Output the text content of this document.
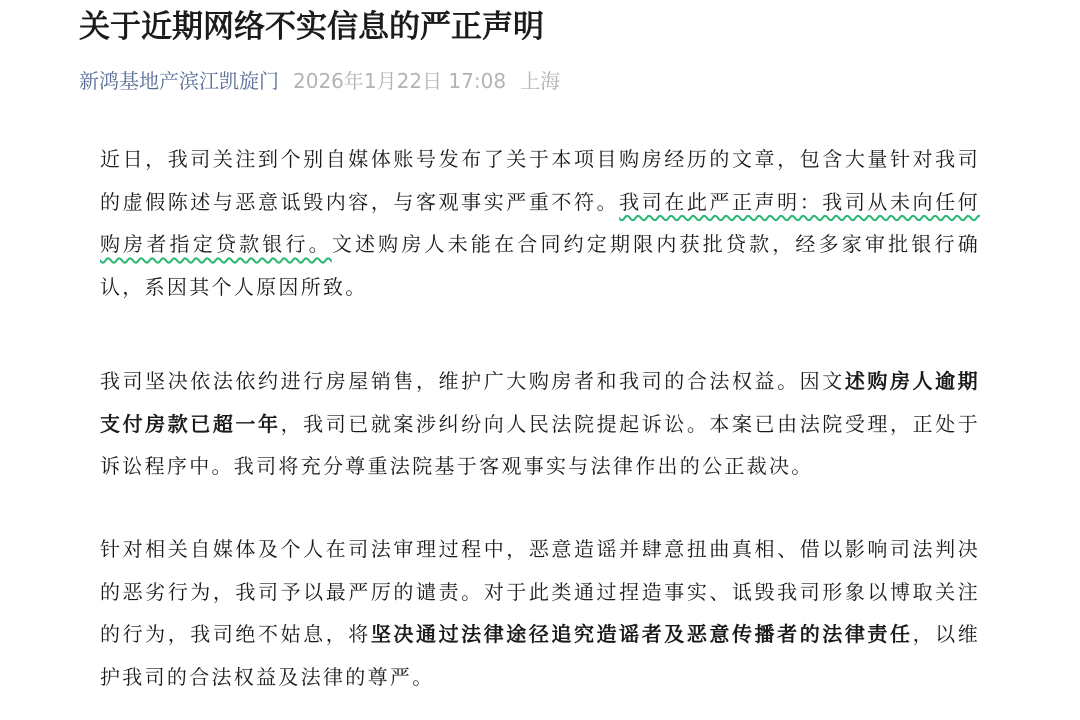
关于近期网络不实信息的严正声明
新鸿基地产滨江凯旋门 2026年1月22日 17:08 上海

近日，我司关注到个别自媒体账号发布了关于本项目购房经历的文章，包含大量针对我司的虚假陈述与恶意诋毁内容，与客观事实严重不符。我司在此严正声明：我司从未向任何购房者指定贷款银行。文述购房人未能在合同约定期限内获批贷款，经多家审批银行确认，系因其个人原因所致。

我司坚决依法依约进行房屋销售，维护广大购房者和我司的合法权益。因文述购房人逾期支付房款已超一年，我司已就案涉纠纷向人民法院提起诉讼。本案已由法院受理，正处于诉讼程序中。我司将充分尊重法院基于客观事实与法律作出的公正裁决。

针对相关自媒体及个人在司法审理过程中，恶意造谣并肆意扭曲真相、借以影响司法判决的恶劣行为，我司予以最严厉的谴责。对于此类通过捏造事实、诋毁我司形象以博取关注的行为，我司绝不姑息，将坚决通过法律途径追究造谣者及恶意传播者的法律责任，以维护我司的合法权益及法律的尊严。
